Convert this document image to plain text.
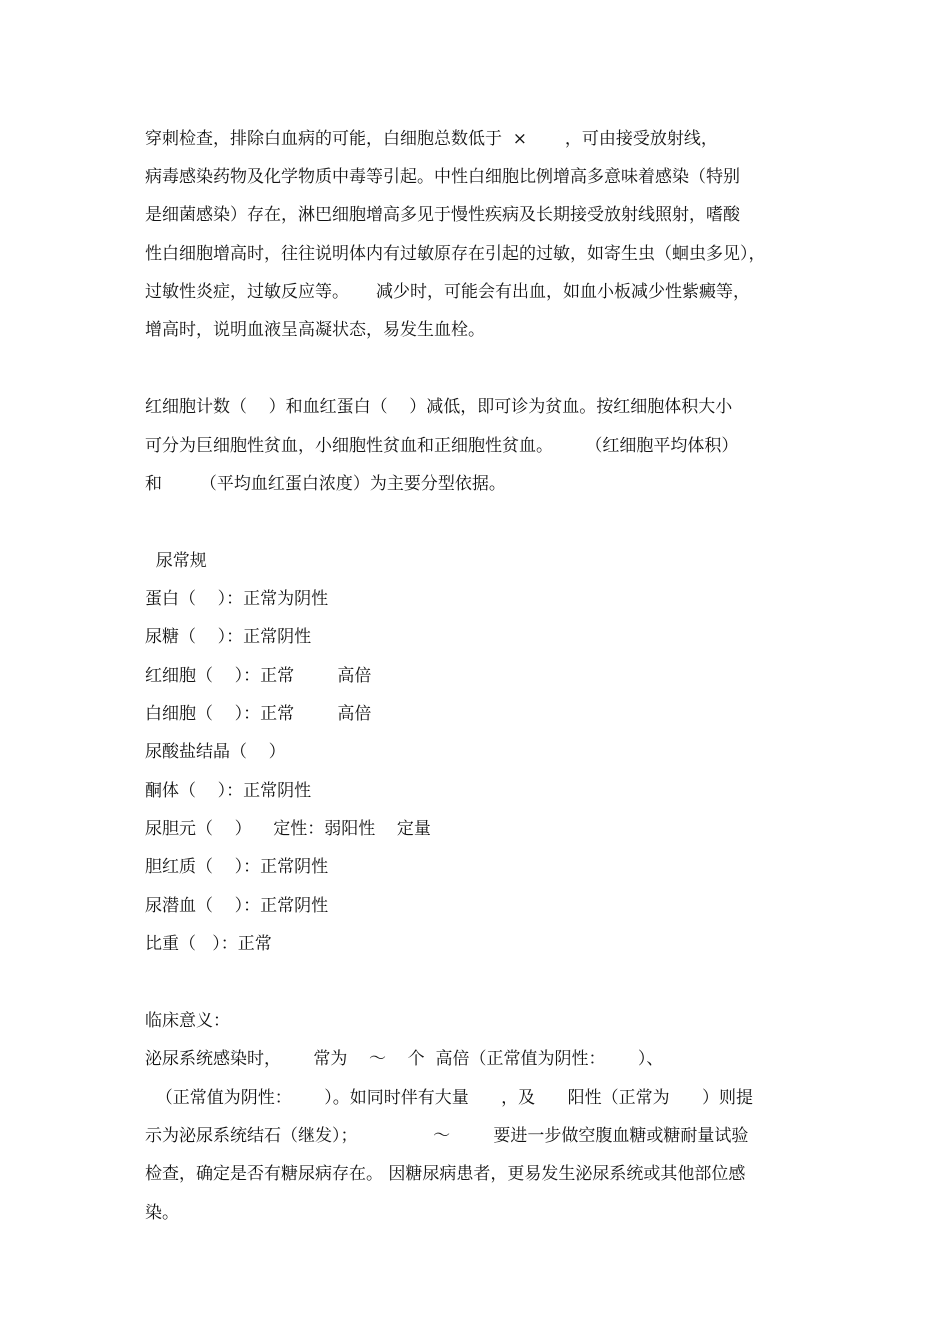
穿刺检查，排除白血病的可能，白细胞总数低于  ×       ，可由接受放射线，
病毒感染药物及化学物质中毒等引起。中性白细胞比例增高多意味着感染（特别
是细菌感染）存在，淋巴细胞增高多见于慢性疾病及长期接受放射线照射，嗜酸
性白细胞增高时，往往说明体内有过敏原存在引起的过敏，如寄生虫（蛔虫多见），
过敏性炎症，过敏反应等。     减少时，可能会有出血，如血小板减少性紫癜等，
增高时，说明血液呈高凝状态，易发生血栓。
红细胞计数（    ）和血红蛋白（    ）减低，即可诊为贫血。按红细胞体积大小
可分为巨细胞性贫血，小细胞性贫血和正细胞性贫血。      （红细胞平均体积）
和       （平均血红蛋白浓度）为主要分型依据。
尿常规
蛋白（    ）：正常为阴性
尿糖（    ）：正常阴性
红细胞（    ）：正常        高倍
白细胞（    ）：正常        高倍
尿酸盐结晶（    ）
酮体（    ）：正常阴性
尿胆元（    ）    定性：弱阳性    定量
胆红质（    ）：正常阴性
尿潜血（    ）：正常阴性
比重（   ）：正常
临床意义：
泌尿系统感染时，      常为    ～    个  高倍（正常值为阴性：      ）、
（正常值为阴性：      ）。如同时伴有大量      ，及      阳性（正常为      ）则提
示为泌尿系统结石（继发）；              ～        要进一步做空腹血糖或糖耐量试验
检查，确定是否有糖尿病存在。 因糖尿病患者，更易发生泌尿系统或其他部位感
染。
